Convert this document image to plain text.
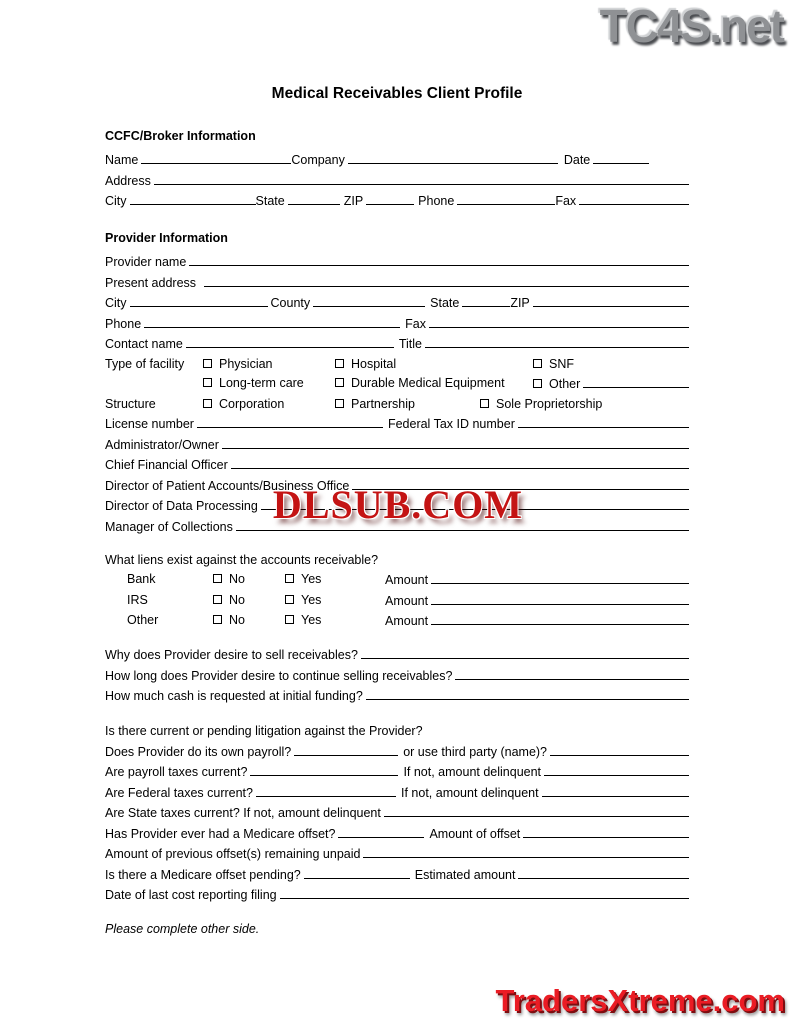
TC4S.net
Medical Receivables Client Profile
CCFC/Broker Information
Name	Company	Date
Address
City	State	ZIP	Phone	Fax
Provider Information
Provider name
Present address
City	County	State	ZIP
Phone	Fax
Contact name	Title
Type of facility	Physician	Hospital	SNF
Long-term care	Durable Medical Equipment	Other
Structure	Corporation	Partnership	Sole Proprietorship
License number	Federal Tax ID number
Administrator/Owner
Chief Financial Officer
Director of Patient Accounts/Business Office
Director of Data Processing
Manager of Collections
What liens exist against the accounts receivable?
Bank	No	Yes	Amount
IRS	No	Yes	Amount
Other	No	Yes	Amount
Why does Provider desire to sell receivables?
How long does Provider desire to continue selling receivables?
How much cash is requested at initial funding?
Is there current or pending litigation against the Provider?
Does Provider do its own payroll?	or use third party (name)?
Are payroll taxes current?	If not, amount delinquent
Are Federal taxes current?	If not, amount delinquent
Are State taxes current? If not, amount delinquent
Has Provider ever had a Medicare offset?	Amount of offset
Amount of previous offset(s) remaining unpaid
Is there a Medicare offset pending?	Estimated amount
Date of last cost reporting filing
Please complete other side.
DLSUB.COM
TradersXtreme.com
